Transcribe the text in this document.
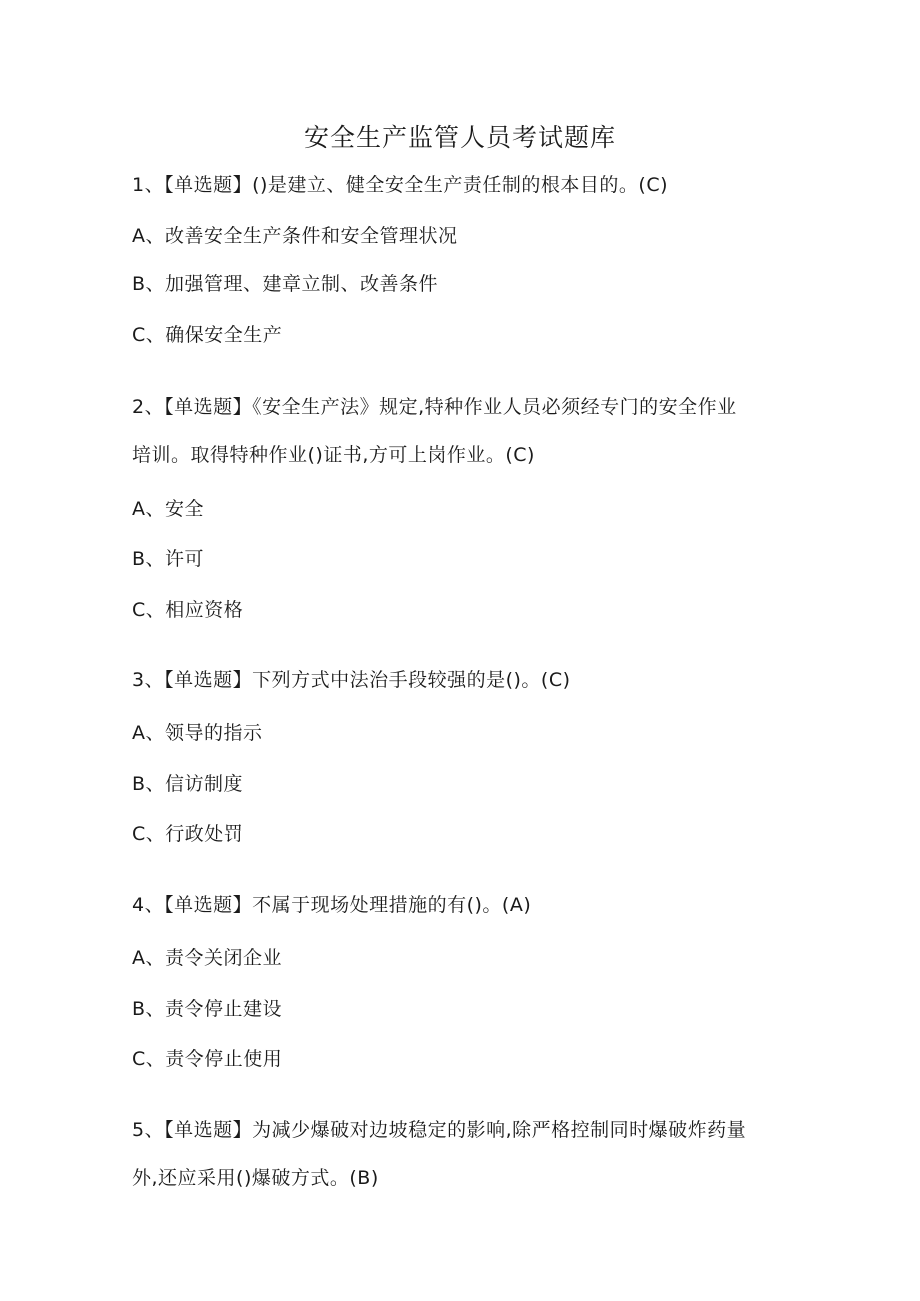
安全生产监管人员考试题库
1、【单选题】()是建立、健全安全生产责任制的根本目的。(C)
A、改善安全生产条件和安全管理状况
B、加强管理、建章立制、改善条件
C、确保安全生产
2、【单选题】《安全生产法》规定,特种作业人员必须经专门的安全作业
培训。取得特种作业()证书,方可上岗作业。(C)
A、安全
B、许可
C、相应资格
3、【单选题】下列方式中法治手段较强的是()。(C)
A、领导的指示
B、信访制度
C、行政处罚
4、【单选题】不属于现场处理措施的有()。(A)
A、责令关闭企业
B、责令停止建设
C、责令停止使用
5、【单选题】为减少爆破对边坡稳定的影响,除严格控制同时爆破炸药量
外,还应采用()爆破方式。(B)
